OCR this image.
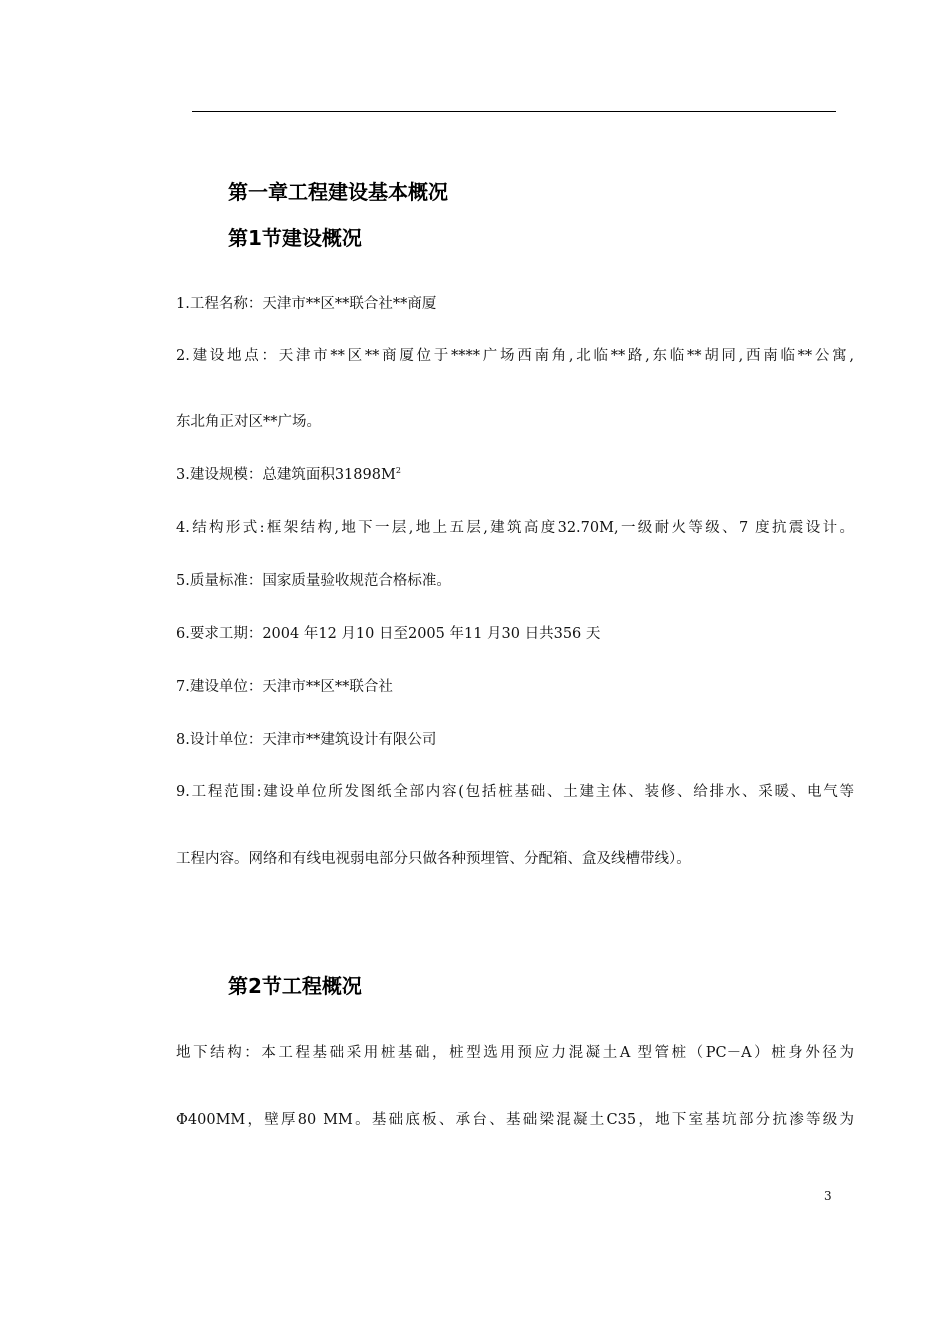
第一章工程建设基本概况
第1节建设概况
1.工程名称：天津市**区**联合社**商厦
2.建设地点：天津市**区**商厦位于****广场西南角,北临**路,东临**胡同,西南临**公寓,
东北角正对区**广场。
3.建设规模：总建筑面积$31898M^2$
4.结构形式:框架结构,地下一层,地上五层,建筑高度32.70M,一级耐火等级、7 度抗震设计。
5.质量标准：国家质量验收规范合格标准。
6.要求工期：2004 年12 月10 日至2005 年11 月30 日共356 天
7.建设单位：天津市**区**联合社
8.设计单位：天津市**建筑设计有限公司
9.工程范围:建设单位所发图纸全部内容(包括桩基础、土建主体、装修、给排水、采暖、电气等
工程内容。网络和有线电视弱电部分只做各种预埋管、分配箱、盒及线槽带线）。
第2节工程概况
地下结构：本工程基础采用桩基础，桩型选用预应力混凝土A 型管桩（PC－A）桩身外径为
Φ400MM，壁厚80 MM。基础底板、承台、基础梁混凝土C35，地下室基坑部分抗渗等级为
3
